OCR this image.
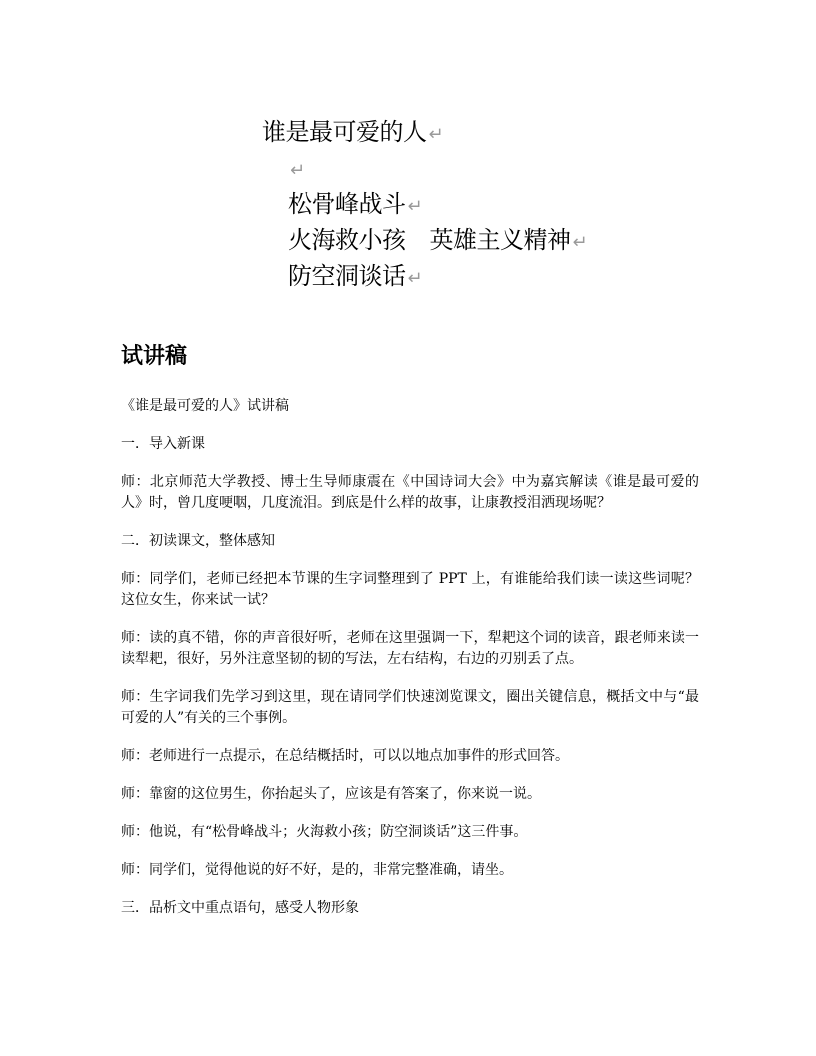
谁是最可爱的人 ↵
↵
松骨峰战斗 ↵
火海救小孩 英雄主义精神 ↵
防空洞谈话 ↵
试讲稿

《谁是最可爱的人》试讲稿

一．导入新课

师：北京师范大学教授、博士生导师康震在《中国诗词大会》中为嘉宾解读《谁是最可爱的人》时，曾几度哽咽，几度流泪。到底是什么样的故事，让康教授泪洒现场呢？

二．初读课文，整体感知

师：同学们，老师已经把本节课的生字词整理到了 PPT 上，有谁能给我们读一读这些词呢？这位女生，你来试一试？

师：读的真不错，你的声音很好听，老师在这里强调一下，犁耙这个词的读音，跟老师来读一读犁耙，很好，另外注意坚韧的韧的写法，左右结构，右边的刃别丢了点。

师：生字词我们先学习到这里，现在请同学们快速浏览课文，圈出关键信息，概括文中与“最可爱的人”有关的三个事例。

师：老师进行一点提示，在总结概括时，可以以地点加事件的形式回答。

师：靠窗的这位男生，你抬起头了，应该是有答案了，你来说一说。

师：他说，有“松骨峰战斗；火海救小孩；防空洞谈话”这三件事。

师：同学们，觉得他说的好不好，是的，非常完整准确，请坐。

三．品析文中重点语句，感受人物形象
